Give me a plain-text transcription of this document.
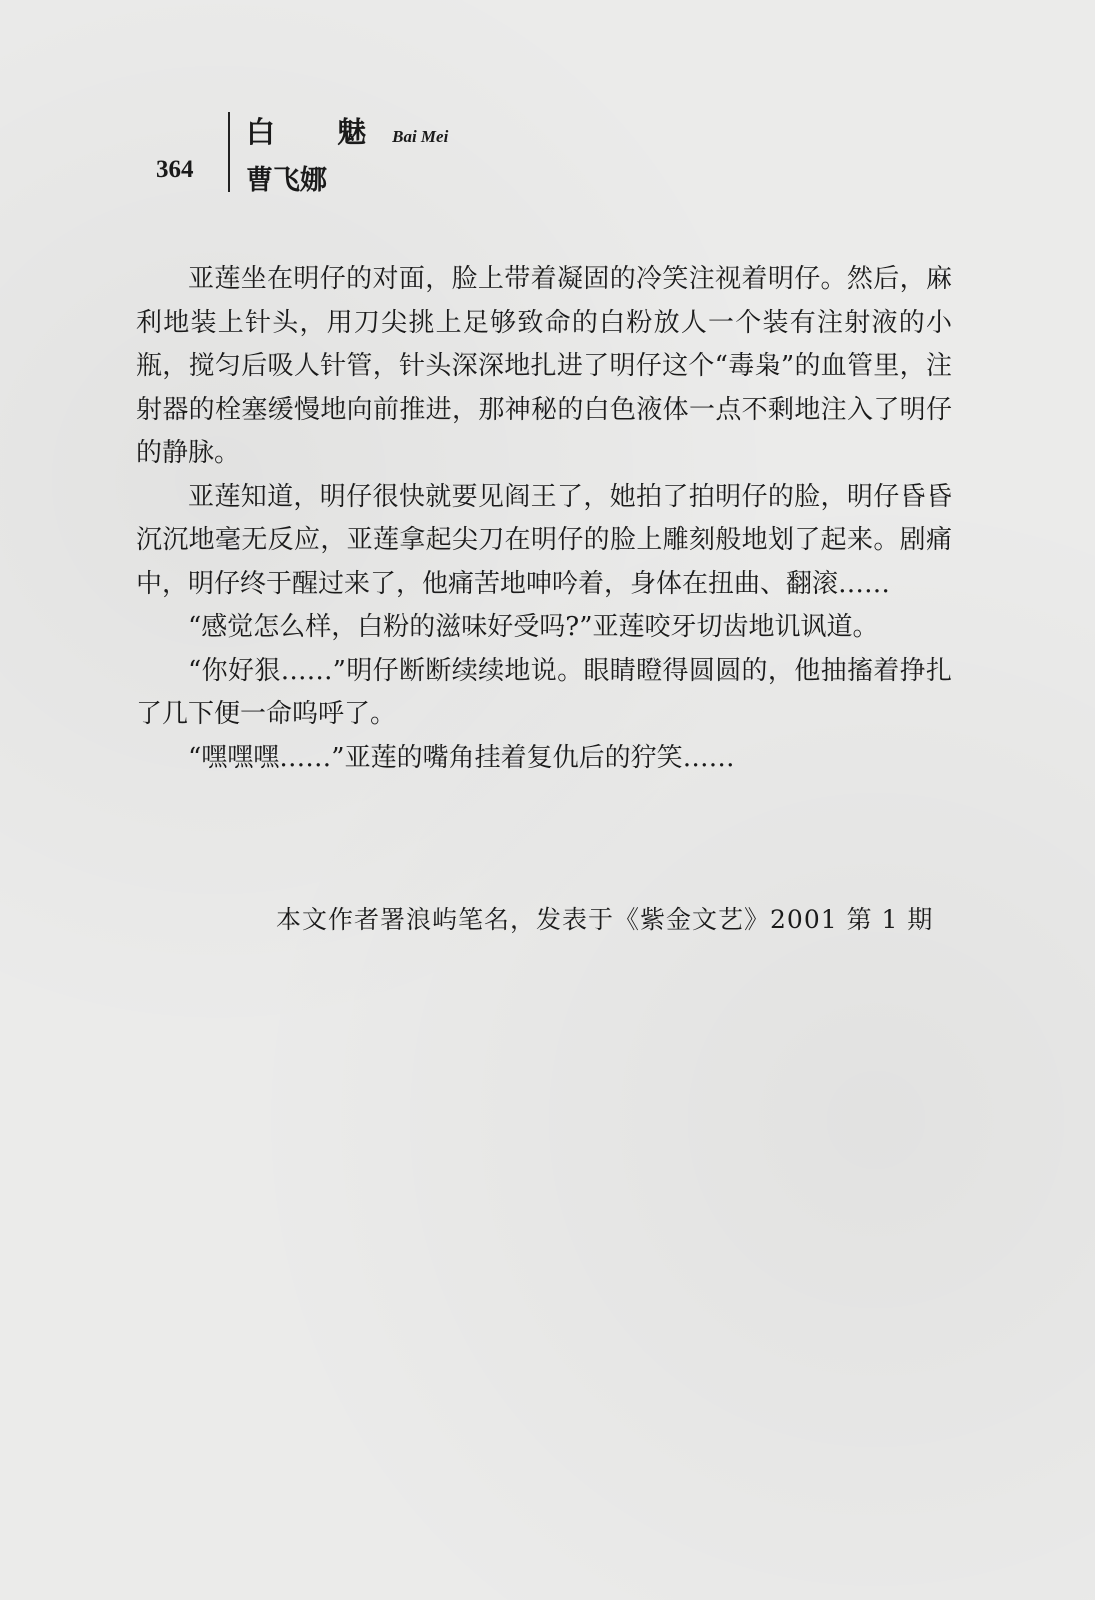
364
白 魅Bai Mei
曹飞娜

亚莲坐在明仔的对面，脸上带着凝固的冷笑注视着明仔。然后，麻利地装上针头，用刀尖挑上足够致命的白粉放人一个装有注射液的小瓶，搅匀后吸人针管，针头深深地扎进了明仔这个“毒枭”的血管里，注射器的栓塞缓慢地向前推进，那神秘的白色液体一点不剩地注入了明仔的静脉。

亚莲知道，明仔很快就要见阎王了，她拍了拍明仔的脸，明仔昏昏沉沉地毫无反应，亚莲拿起尖刀在明仔的脸上雕刻般地划了起来。剧痛中，明仔终于醒过来了，他痛苦地呻吟着，身体在扭曲、翻滚……

“感觉怎么样，白粉的滋味好受吗?”亚莲咬牙切齿地讥讽道。

“你好狠……”明仔断断续续地说。眼睛瞪得圆圆的，他抽搐着挣扎了几下便一命呜呼了。

“嘿嘿嘿……”亚莲的嘴角挂着复仇后的狞笑……

本文作者署浪屿笔名，发表于《紫金文艺》2001 第 1 期
